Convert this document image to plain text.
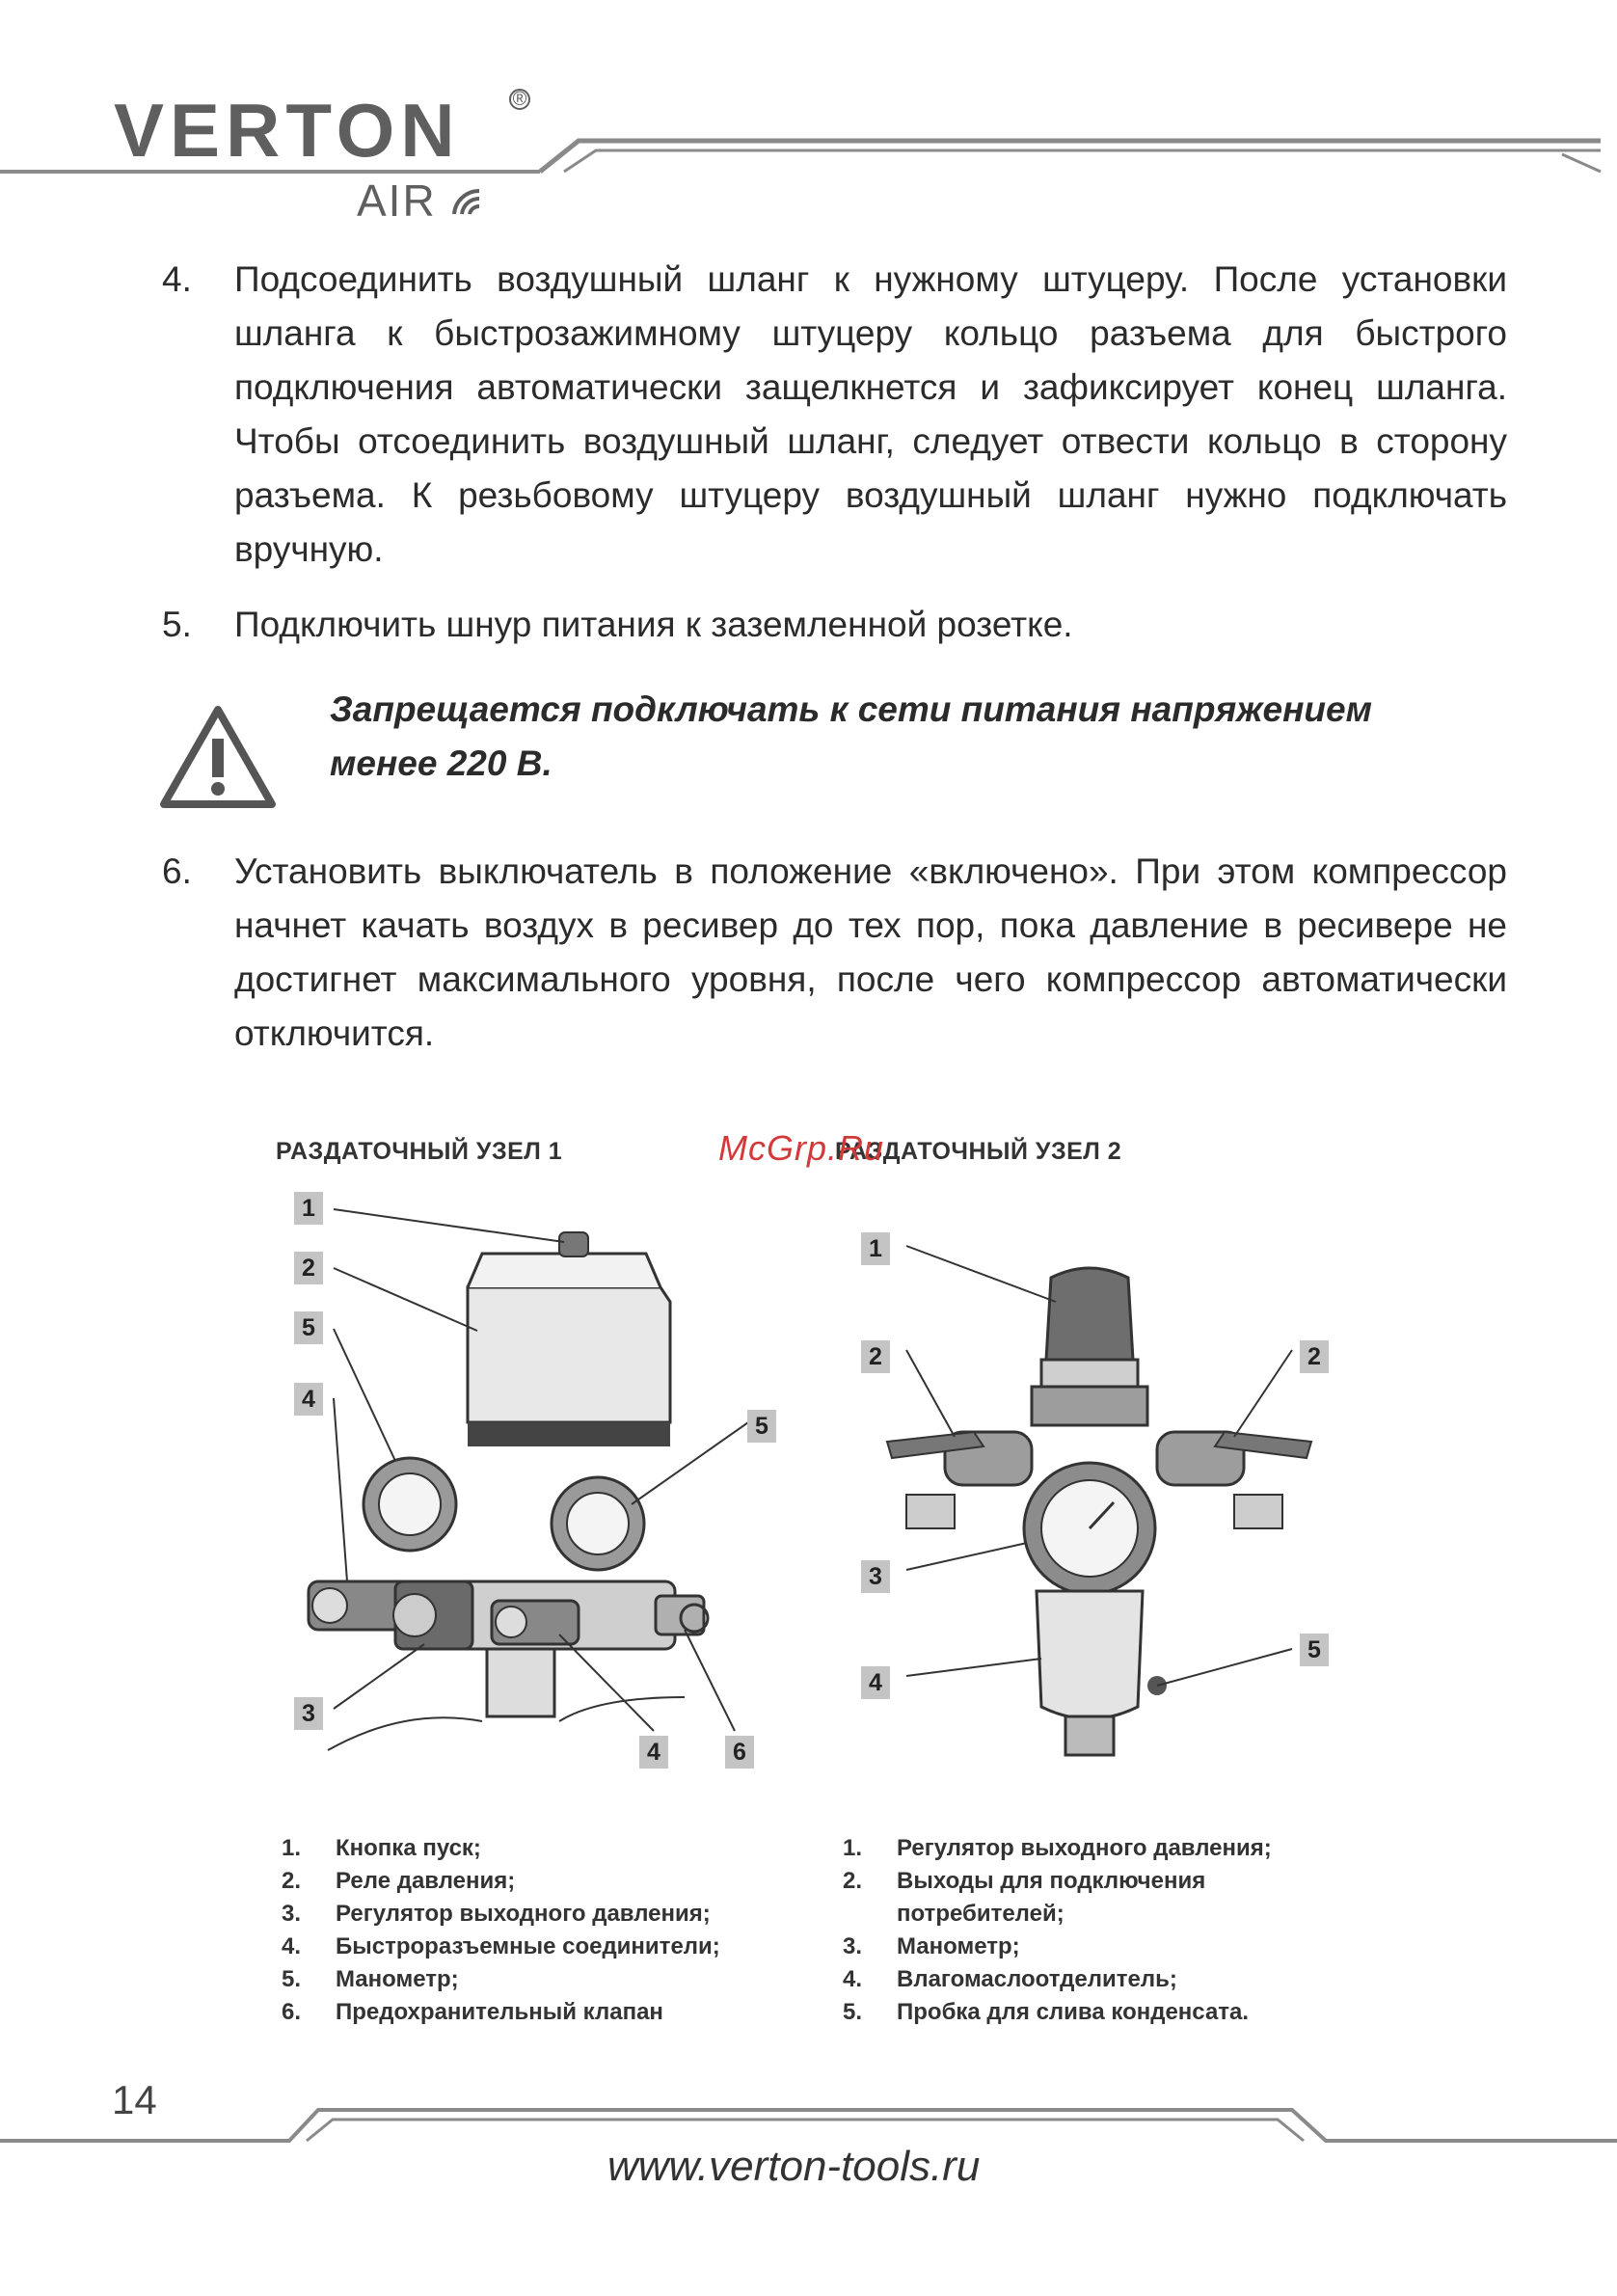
VERTON	®
AIR
4.	Подсоединить воздушный шланг к нужному штуцеру. После установки шланга к быстрозажимному штуцеру кольцо разъема для быстрого подключения автоматически защелкнется и зафиксирует конец шланга. Чтобы отсоединить воздушный шланг, следует отвести кольцо в сторону разъема. К резьбовому штуцеру воздушный шланг нужно подключать вручную.
5.	Подключить шнур питания к заземленной розетке.
Запрещается подключать к сети питания напряжением
менее 220 В.
6.	Установить выключатель в положение «включено». При этом компрессор начнет качать воздух в ресивер до тех пор, пока давление в ресивере не достигнет максимального уровня, после чего компрессор автоматически отключится.
РАЗДАТОЧНЫЙ УЗЕЛ 1	РАЗДАТОЧНЫЙ УЗЕЛ 2
McGrp.Ru
1
2
5
4
5
3
4	6
1
2	2
3
4
5
1.	Кнопка пуск;
2.	Реле давления;
3.	Регулятор выходного давления;
4.	Быстроразъемные соединители;
5.	Манометр;
6.	Предохранительный клапан
1.	Регулятор выходного давления;
2.	Выходы для подключения
потребителей;
3.	Манометр;
4.	Влагомаслоотделитель;
5.	Пробка для слива конденсата.
14
www.verton-tools.ru
